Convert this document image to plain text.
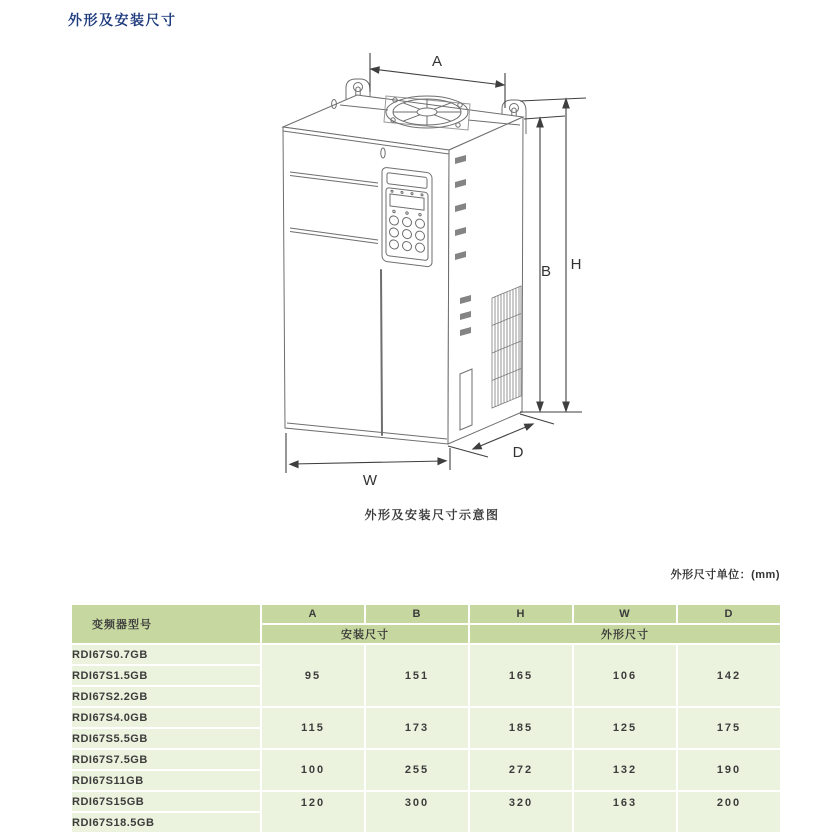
外形及安装尺寸
A
B H
W
D
外形及安装尺寸示意图
外形尺寸单位：(mm)
变频器型号	A	B	H	W	D
	安装尺寸		外形尺寸		
RDI67S0.7GB	95	151	165	106	142
RDI67S1.5GB					
RDI67S2.2GB					
RDI67S4.0GB	115	173	185	125	175
RDI67S5.5GB					
RDI67S7.5GB	100	255	272	132	190
RDI67S11GB					
RDI67S15GB	120	300	320	163	200
RDI67S18.5GB					
